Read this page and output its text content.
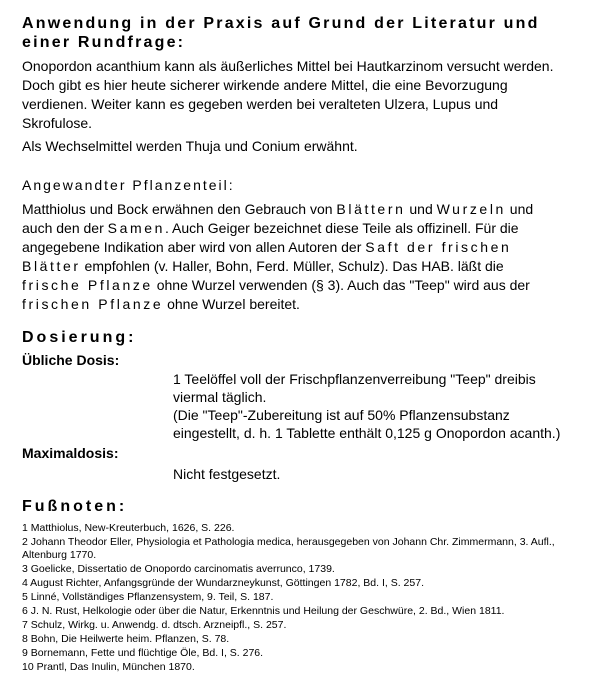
Anwendung in der Praxis auf Grund der Literatur und einer Rundfrage:

Onopordon acanthium kann als äußerliches Mittel bei Hautkarzinom versucht werden. Doch gibt es hier heute sicherer wirkende andere Mittel, die eine Bevorzugung verdienen. Weiter kann es gegeben werden bei veralteten Ulzera, Lupus und Skrofulose.

Als Wechselmittel werden Thuja und Conium erwähnt.

Angewandter Pflanzenteil:

Matthiolus und Bock erwähnen den Gebrauch von Blättern und Wurzeln und auch den der Samen. Auch Geiger bezeichnet diese Teile als offizinell. Für die angegebene Indikation aber wird von allen Autoren der Saft der frischen Blätter empfohlen (v. Haller, Bohn, Ferd. Müller, Schulz). Das HAB. läßt die frische Pflanze ohne Wurzel verwenden (§ 3). Auch das "Teep" wird aus der frischen Pflanze ohne Wurzel bereitet.

Dosierung:
Übliche Dosis:
1 Teelöffel voll der Frischpflanzenverreibung "Teep" dreibis viermal täglich.
(Die "Teep"-Zubereitung ist auf 50% Pflanzensubstanz eingestellt, d. h. 1 Tablette enthält 0,125 g Onopordon acanth.)
Maximaldosis:
Nicht festgesetzt.
Fußnoten:
1 Matthiolus, New-Kreuterbuch, 1626, S. 226.
2 Johann Theodor Eller, Physiologia et Pathologia medica, herausgegeben von Johann Chr. Zimmermann, 3. Aufl., Altenburg 1770.
3 Goelicke, Dissertatio de Onopordo carcinomatis averrunco, 1739.
4 August Richter, Anfangsgründe der Wundarzneykunst, Göttingen 1782, Bd. I, S. 257.
5 Linné, Vollständiges Pflanzensystem, 9. Teil, S. 187.
6 J. N. Rust, Helkologie oder über die Natur, Erkenntnis und Heilung der Geschwüre, 2. Bd., Wien 1811.
7 Schulz, Wirkg. u. Anwendg. d. dtsch. Arzneipfl., S. 257.
8 Bohn, Die Heilwerte heim. Pflanzen, S. 78.
9 Bornemann, Fette und flüchtige Öle, Bd. I, S. 276.
10 Prantl, Das Inulin, München 1870.
